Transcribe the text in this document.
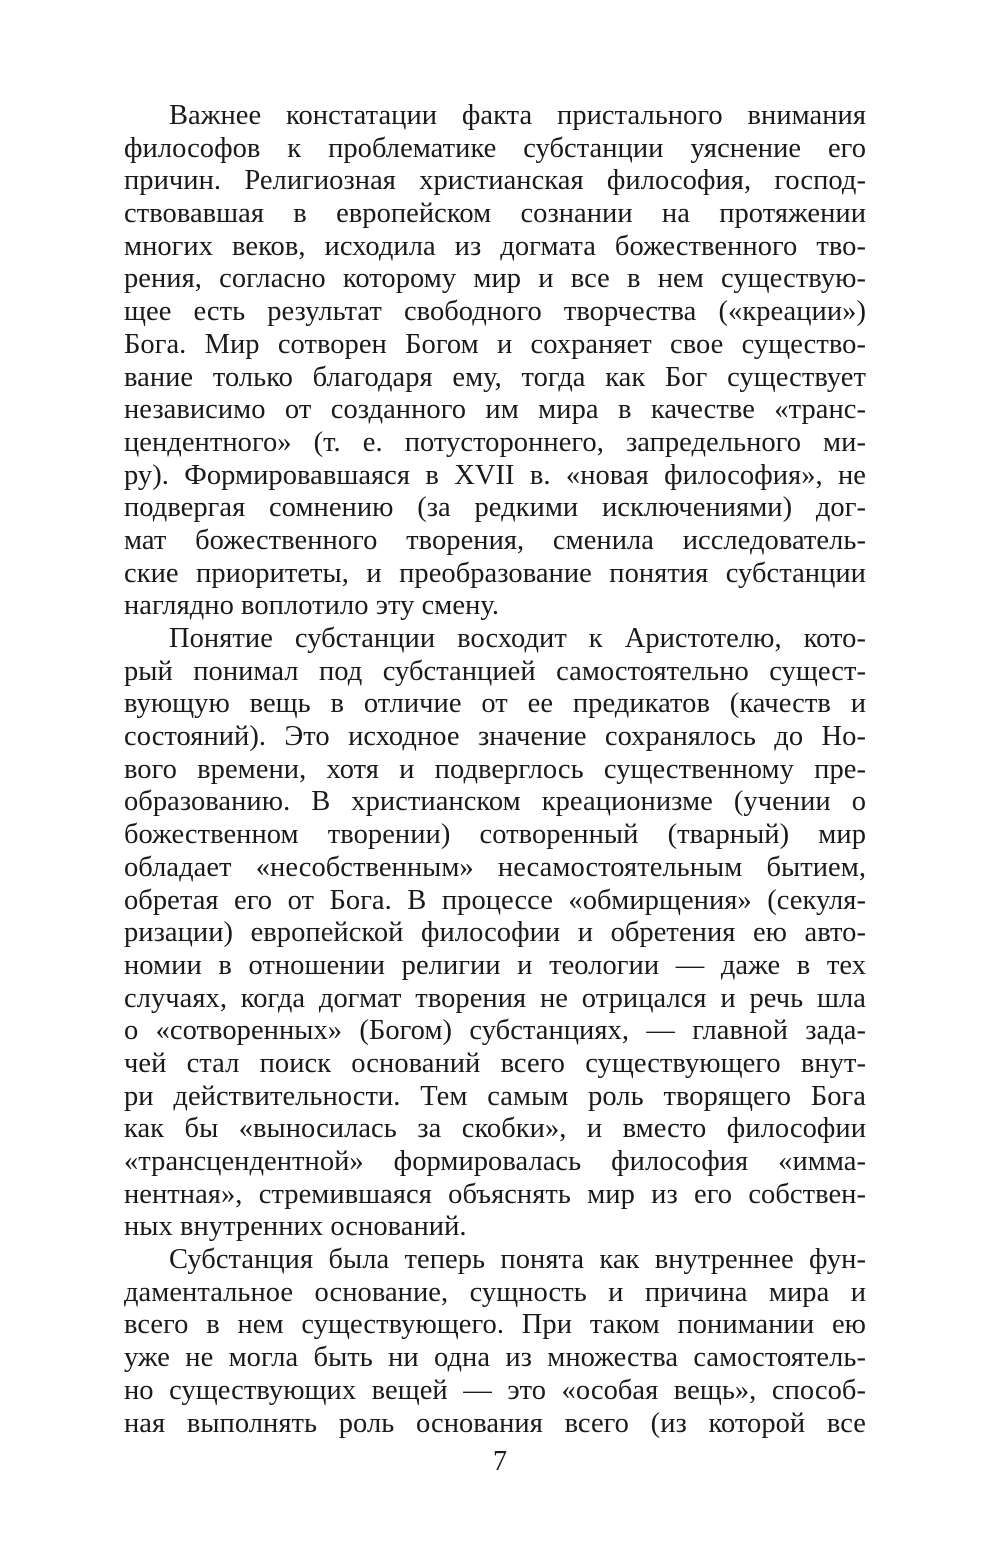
Важнее констатации факта пристального внимания
философов к проблематике субстанции уяснение его
причин. Религиозная христианская философия, господ-
ствовавшая в европейском сознании на протяжении
многих веков, исходила из догмата божественного тво-
рения, согласно которому мир и все в нем существую-
щее есть результат свободного творчества («креации»)
Бога. Мир сотворен Богом и сохраняет свое существо-
вание только благодаря ему, тогда как Бог существует
независимо от созданного им мира в качестве «транс-
цендентного» (т. е. потустороннего, запредельного ми-
ру). Формировавшаяся в XVII в. «новая философия», не
подвергая сомнению (за редкими исключениями) дог-
мат божественного творения, сменила исследователь-
ские приоритеты, и преобразование понятия субстанции
наглядно воплотило эту смену.
Понятие субстанции восходит к Аристотелю, кото-
рый понимал под субстанцией самостоятельно сущест-
вующую вещь в отличие от ее предикатов (качеств и
состояний). Это исходное значение сохранялось до Но-
вого времени, хотя и подверглось существенному пре-
образованию. В христианском креационизме (учении о
божественном творении) сотворенный (тварный) мир
обладает «несобственным» несамостоятельным бытием,
обретая его от Бога. В процессе «обмирщения» (секуля-
ризации) европейской философии и обретения ею авто-
номии в отношении религии и теологии — даже в тех
случаях, когда догмат творения не отрицался и речь шла
о «сотворенных» (Богом) субстанциях, — главной зада-
чей стал поиск оснований всего существующего внут-
ри действительности. Тем самым роль творящего Бога
как бы «выносилась за скобки», и вместо философии
«трансцендентной» формировалась философия «имма-
нентная», стремившаяся объяснять мир из его собствен-
ных внутренних оснований.
Субстанция была теперь понята как внутреннее фун-
даментальное основание, сущность и причина мира и
всего в нем существующего. При таком понимании ею
уже не могла быть ни одна из множества самостоятель-
но существующих вещей — это «особая вещь», способ-
ная выполнять роль основания всего (из которой все
7
